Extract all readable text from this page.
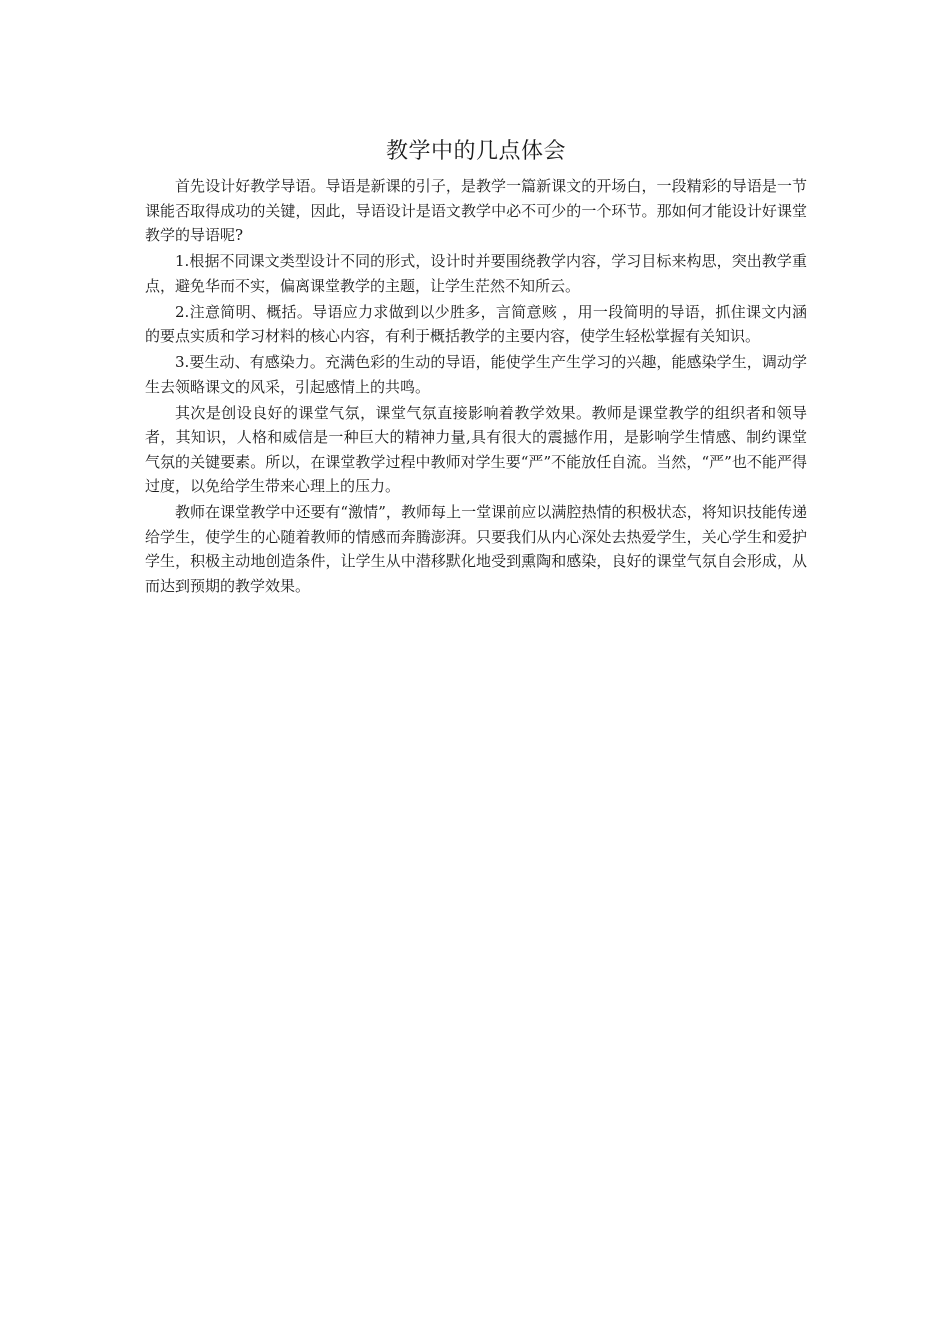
教学中的几点体会

首先设计好教学导语。导语是新课的引子，是教学一篇新课文的开场白，一段精彩的导语是一节课能否取得成功的关键，因此，导语设计是语文教学中必不可少的一个环节。那如何才能设计好课堂教学的导语呢?

1.根据不同课文类型设计不同的形式，设计时并要围绕教学内容，学习目标来构思，突出教学重点，避免华而不实，偏离课堂教学的主题，让学生茫然不知所云。

2.注意简明、概括。导语应力求做到以少胜多，言简意赅 ，用一段简明的导语，抓住课文内涵的要点实质和学习材料的核心内容，有利于概括教学的主要内容，使学生轻松掌握有关知识。

3.要生动、有感染力。充满色彩的生动的导语，能使学生产生学习的兴趣，能感染学生，调动学生去领略课文的风采，引起感情上的共鸣。

其次是创设良好的课堂气氛，课堂气氛直接影响着教学效果。教师是课堂教学的组织者和领导者，其知识，人格和威信是一种巨大的精神力量,具有很大的震撼作用，是影响学生情感、制约课堂气氛的关键要素。所以，在课堂教学过程中教师对学生要“严”不能放任自流。当然，“严”也不能严得过度，以免给学生带来心理上的压力。

教师在课堂教学中还要有“激情”，教师每上一堂课前应以满腔热情的积极状态，将知识技能传递给学生，使学生的心随着教师的情感而奔腾澎湃。只要我们从内心深处去热爱学生，关心学生和爱护学生，积极主动地创造条件，让学生从中潜移默化地受到熏陶和感染，良好的课堂气氛自会形成，从而达到预期的教学效果。
